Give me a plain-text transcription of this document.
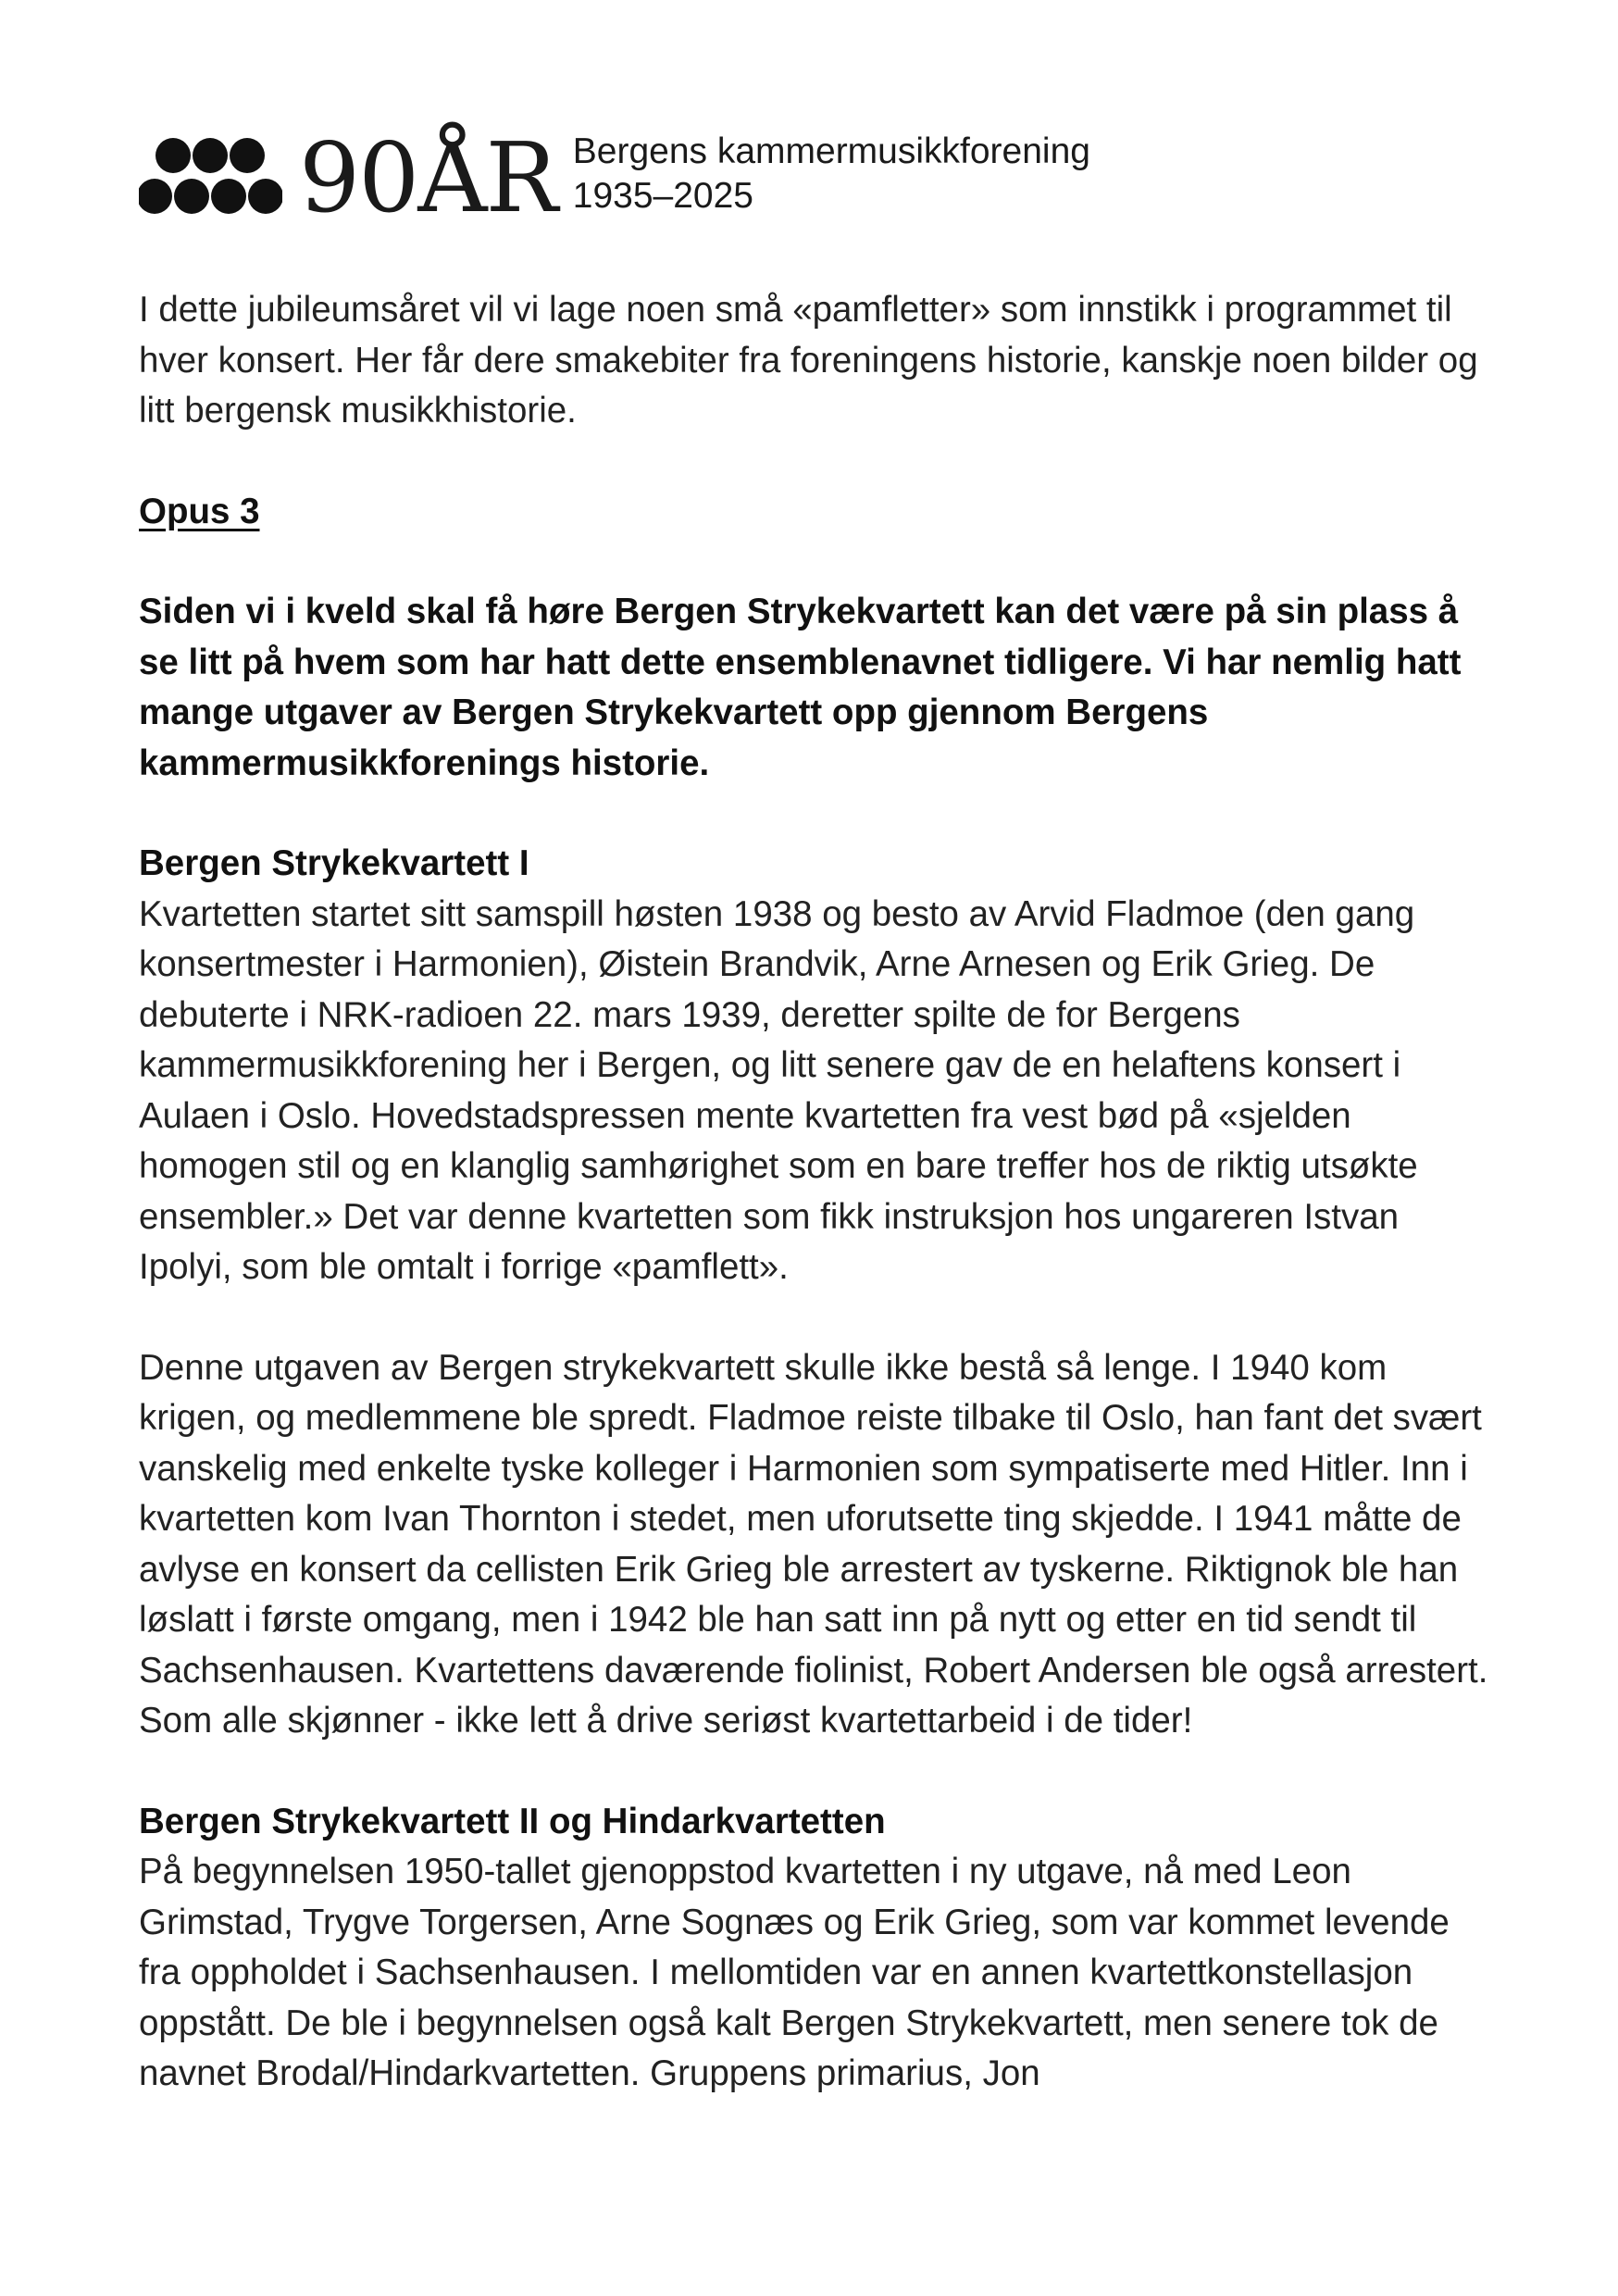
90ÅR Bergens kammermusikkforening
1935–2025

I dette jubileumsåret vil vi lage noen små «pamfletter» som innstikk i programmet til hver konsert. Her får dere smakebiter fra foreningens historie, kanskje noen bilder og litt bergensk musikkhistorie.

Opus 3

Siden vi i kveld skal få høre Bergen Strykekvartett kan det være på sin plass å se litt på hvem som har hatt dette ensemblenavnet tidligere. Vi har nemlig hatt mange utgaver av Bergen Strykekvartett opp gjennom Bergens kammermusikkforenings historie.

Bergen Strykekvartett I

Kvartetten startet sitt samspill høsten 1938 og besto av Arvid Fladmoe (den gang konsertmester i Harmonien), Øistein Brandvik, Arne Arnesen og Erik Grieg. De debuterte i NRK-radioen 22. mars 1939, deretter spilte de for Bergens kammermusikkforening her i Bergen, og litt senere gav de en helaftens konsert i Aulaen i Oslo. Hovedstadspressen mente kvartetten fra vest bød på «sjelden homogen stil og en klanglig samhørighet som en bare treffer hos de riktig utsøkte ensembler.» Det var denne kvartetten som fikk instruksjon hos ungareren Istvan Ipolyi, som ble omtalt i forrige «pamflett».

Denne utgaven av Bergen strykekvartett skulle ikke bestå så lenge. I 1940 kom krigen, og medlemmene ble spredt. Fladmoe reiste tilbake til Oslo, han fant det svært vanskelig med enkelte tyske kolleger i Harmonien som sympatiserte med Hitler. Inn i kvartetten kom Ivan Thornton i stedet, men uforutsette ting skjedde. I 1941 måtte de avlyse en konsert da cellisten Erik Grieg ble arrestert av tyskerne. Riktignok ble han løslatt i første omgang, men i 1942 ble han satt inn på nytt og etter en tid sendt til Sachsenhausen. Kvartettens daværende fiolinist, Robert Andersen ble også arrestert. Som alle skjønner - ikke lett å drive seriøst kvartettarbeid i de tider!

Bergen Strykekvartett II og Hindarkvartetten

På begynnelsen 1950-tallet gjenoppstod kvartetten i ny utgave, nå med Leon Grimstad, Trygve Torgersen, Arne Sognæs og Erik Grieg, som var kommet levende fra oppholdet i Sachsenhausen. I mellomtiden var en annen kvartettkonstellasjon oppstått. De ble i begynnelsen også kalt Bergen Strykekvartett, men senere tok de navnet Brodal/Hindarkvartetten. Gruppens primarius, Jon
